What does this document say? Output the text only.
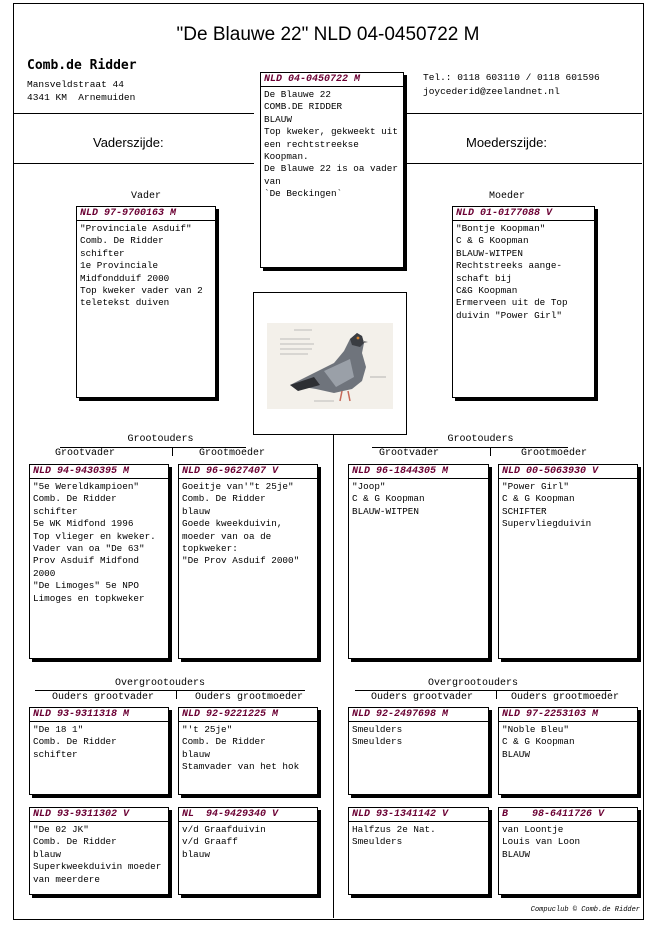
"De Blauwe 22" NLD 04-0450722 M
Comb.de Ridder
Mansveldstraat 44
4341 KM  Arnemuiden
Tel.: 0118 603110 / 0118 601596
joycederid@zeelandnet.nl
Vaderszijde:	Moederszijde:
NLD 04-0450722 M
De Blauwe 22
COMB.DE RIDDER
BLAUW
Top kweker, gekweekt uit een rechtstreekse Koopman.
De Blauwe 22 is oa vader van
`De Beckingen`
Vader	Moeder
NLD 97-9700163 M
"Provinciale Asduif"
Comb. De Ridder
schifter
1e Provinciale Midfondduif 2000
Top kweker vader van 2 teletekst duiven
NLD 01-0177088 V
"Bontje Koopman"
C & G Koopman
BLAUW-WITPEN
Rechtstreeks aange-schaft bij
C&G Koopman
Ermerveen uit de Top duivin "Power Girl"
Grootouders
Grootvader	Grootmoeder
Grootouders
Grootvader	Grootmoeder
NLD 94-9430395 M
"5e Wereldkampioen"
Comb. De Ridder
schifter
5e WK Midfond 1996
Top vlieger en kweker. Vader van oa "De 63" Prov Asduif Midfond 2000
"De Limoges" 5e NPO Limoges en topkweker
NLD 96-9627407 V
Goeitje van'"t 25je"
Comb. De Ridder
blauw
Goede kweekduivin, moeder van oa de topkweker:
"De Prov Asduif 2000"
NLD 96-1844305 M
"Joop"
C & G Koopman
BLAUW-WITPEN
NLD 00-5063930 V
"Power Girl"
C & G Koopman
SCHIFTER
Supervliegduivin
Overgrootouders
Ouders grootvader	Ouders grootmoeder
Overgrootouders
Ouders grootvader	Ouders grootmoeder
NLD 93-9311318 M
"De 18 1"
Comb. De Ridder
schifter
NLD 92-9221225 M
"'t 25je"
Comb. De Ridder
blauw
Stamvader van het hok
NLD 93-9311302 V
"De 02 JK"
Comb. De Ridder
blauw
Superkweekduivin moeder van meerdere
NL  94-9429340 V
v/d Graafduivin
v/d Graaff
blauw
NLD 92-2497698 M
Smeulders
Smeulders
NLD 97-2253103 M
"Noble Bleu"
C & G Koopman
BLAUW
NLD 93-1341142 V
Halfzus 2e Nat.
Smeulders
B    98-6411726 V
van Loontje
Louis van Loon
BLAUW
Compuclub © Comb.de Ridder
